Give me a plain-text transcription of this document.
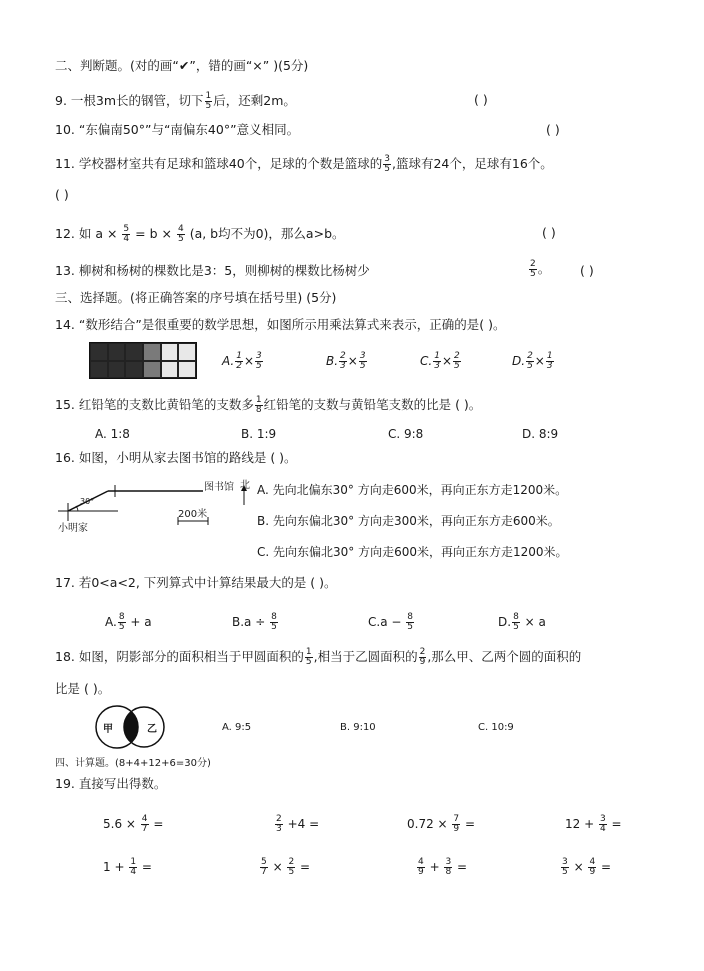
二、判断题。(对的画“✔”，错的画“×” )(5分)
9. 一根3m长的钢管，切下 $\frac{1}{5}$ 后，还剩2m。	( )
10. “东偏南50°”与“南偏东40°”意义相同。	( )
11. 学校器材室共有足球和篮球40个，足球的个数是篮球的 $\frac{3}{5}$ ,篮球有24个，足球有16个。
( )
12. 如 $a \times \frac{5}{4} = b \times \frac{4}{5} (a$, b均不为0)，那么a>b。	( )
13. 柳树和杨树的棵数比是3：5，则柳树的棵数比杨树少	$\frac{2}{5}$ 。 ( )
三、选择题。(将正确答案的序号填在括号里) (5分)
14. “数形结合”是很重要的数学思想，如图所示用乘法算式来表示，正确的是( )。
A. $\frac{1}{2} \times \frac{3}{5}$	B. $\frac{2}{3} \times \frac{3}{5}$	C. $\frac{1}{3} \times \frac{2}{5}$	D. $\frac{2}{5} \times \frac{1}{3}$
15. 红铅笔的支数比黄铅笔的支数多 $\frac{1}{8}$ 红铅笔的支数与黄铅笔支数的比是 ( )。
A. 1:8	B. 1:9	C. 9:8	D. 8:9
16. 如图，小明从家去图书馆的路线是 ( )。
图书馆 北
30°
小明家
200米
A. 先向北偏东30° 方向走600米，再向正东方走1200米。
B. 先向东偏北30° 方向走300米，再向正东方走600米。
C. 先向东偏北30° 方向走600米，再向正东方走1200米。
17. 若0<a<2, 下列算式中计算结果最大的是 ( )。
A. $\frac{8}{5} + a$	$B.a \div \frac{8}{5}$	$C.a - \frac{8}{5}$	D. $\frac{8}{5} \times a$
18. 如图，阴影部分的面积相当于甲圆面积的 $\frac{1}{5}$ ,相当于乙圆面积的 $\frac{2}{9}$ ,那么甲、乙两个圆的面积的
比是 ( )。
甲	乙	A. 9:5	B. 9:10	C. 10:9
四、计算题。(8+4+12+6=30分)
19. 直接写出得数。
$5.6 \times \frac{4}{7}$ =	$\frac{2}{3} +4$ =	$0.72 \times \frac{7}{9}$ =	$12 + \frac{3}{4}$ =
$1 + \frac{1}{4}$ =	$\frac{5}{7} \times \frac{2}{5}$ =	$\frac{4}{9} + \frac{3}{8}$ =	$\frac{3}{5} \times \frac{4}{9}$ =
